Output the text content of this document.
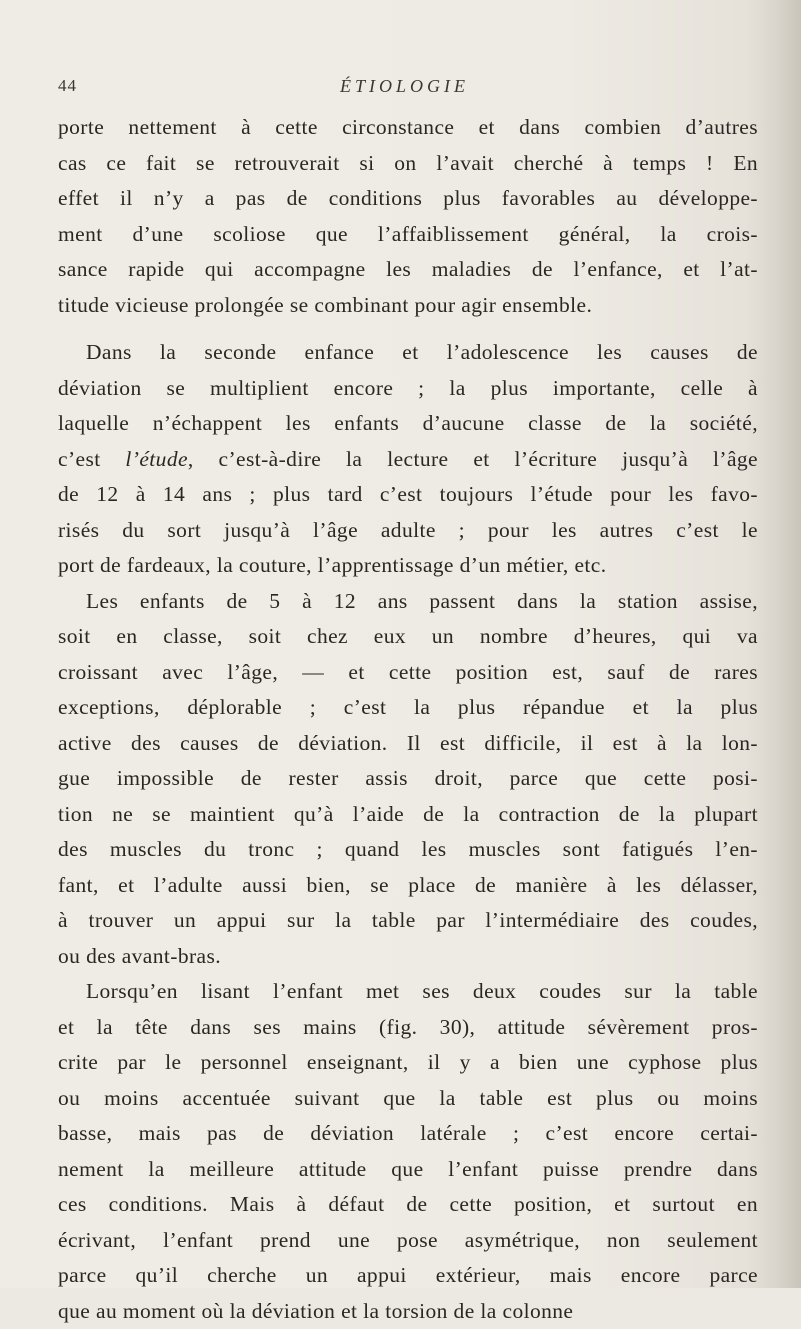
44	ÉTIOLOGIE
porte nettement à cette circonstance et dans combien d’autres
cas ce fait se retrouverait si on l’avait cherché à temps ! En
effet il n’y a pas de conditions plus favorables au développe-
ment d’une scoliose que l’affaiblissement général, la crois-
sance rapide qui accompagne les maladies de l’enfance, et l’at-
titude vicieuse prolongée se combinant pour agir ensemble.
Dans la seconde enfance et l’adolescence les causes de
déviation se multiplient encore ; la plus importante, celle à
laquelle n’échappent les enfants d’aucune classe de la société,
c’est l’étude, c’est-à-dire la lecture et l’écriture jusqu’à l’âge
de 12 à 14 ans ; plus tard c’est toujours l’étude pour les favo-
risés du sort jusqu’à l’âge adulte ; pour les autres c’est le
port de fardeaux, la couture, l’apprentissage d’un métier, etc.
Les enfants de 5 à 12 ans passent dans la station assise,
soit en classe, soit chez eux un nombre d’heures, qui va
croissant avec l’âge, — et cette position est, sauf de rares
exceptions, déplorable ; c’est la plus répandue et la plus
active des causes de déviation. Il est difficile, il est à la lon-
gue impossible de rester assis droit, parce que cette posi-
tion ne se maintient qu’à l’aide de la contraction de la plupart
des muscles du tronc ; quand les muscles sont fatigués l’en-
fant, et l’adulte aussi bien, se place de manière à les délasser,
à trouver un appui sur la table par l’intermédiaire des coudes,
ou des avant-bras.
Lorsqu’en lisant l’enfant met ses deux coudes sur la table
et la tête dans ses mains (fig. 30), attitude sévèrement pros-
crite par le personnel enseignant, il y a bien une cyphose plus
ou moins accentuée suivant que la table est plus ou moins
basse, mais pas de déviation latérale ; c’est encore certai-
nement la meilleure attitude que l’enfant puisse prendre dans
ces conditions. Mais à défaut de cette position, et surtout en
écrivant, l’enfant prend une pose asymétrique, non seulement
parce qu’il cherche un appui extérieur, mais encore parce
que au moment où la déviation et la torsion de la colonne
